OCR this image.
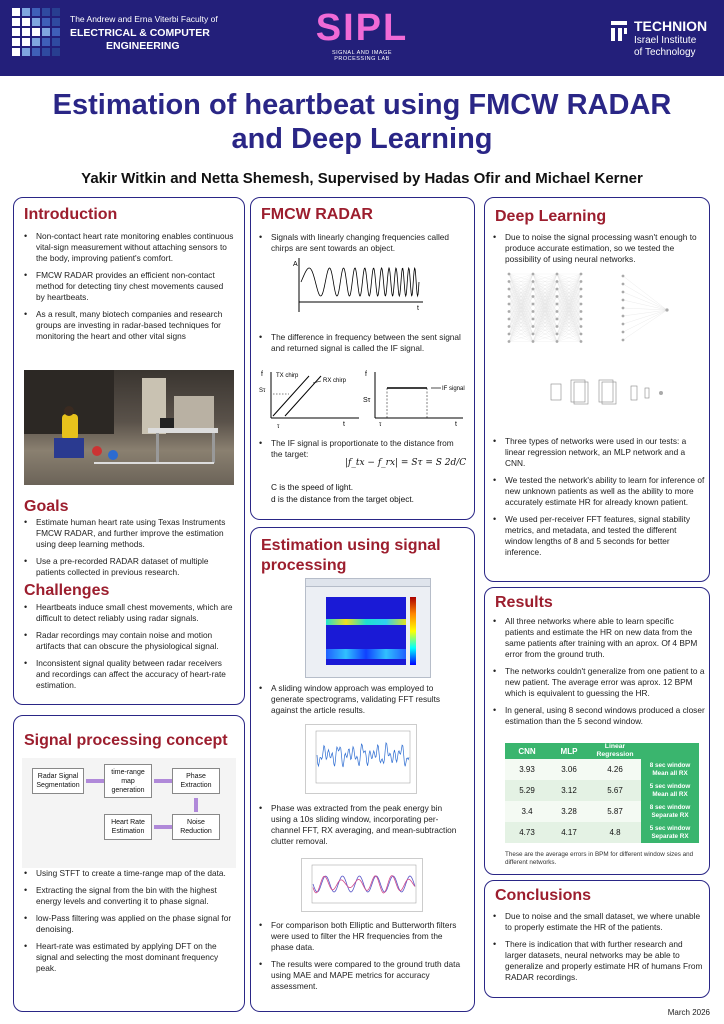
The Andrew and Erna Viterbi Faculty of
ELECTRICAL & COMPUTER
ENGINEERING	SIPL
SIGNAL AND IMAGE PROCESSING LAB
TECHNION
Israel Institute
of Technology
Estimation of heartbeat using FMCW RADAR
and Deep Learning
Yakir Witkin and Netta Shemesh, Supervised by Hadas Ofir and Michael Kerner
Introduction
• Non-contact heart rate monitoring enables continuous vital-sign measurement without attaching sensors to the body, improving patient's comfort.
• FMCW RADAR provides an efficient non-contact method for detecting tiny chest movements caused by heartbeats.
• As a result, many biotech companies and research groups are investing in radar-based techniques for monitoring the heart and other vital signs
Goals
• Estimate human heart rate using Texas Instruments FMCW RADAR, and further improve the estimation using deep learning methods.
• Use a pre-recorded RADAR dataset of multiple patients collected in previous research.
Challenges
• Heartbeats induce small chest movements, which are difficult to detect reliably using radar signals.
• Radar recordings may contain noise and motion artifacts that can obscure the physiological signal.
• Inconsistent signal quality between radar receivers and recordings can affect the accuracy of heart-rate estimation.
Signal processing concept
Radar Signal Segmentation
time-range map generation
Phase Extraction
Noise Reduction
Heart Rate Estimation
• Using STFT to create a time-range map of the data.
• Extracting the signal from the bin with the highest energy levels and converting it to phase signal.
• low-Pass filtering was applied on the phase signal for denoising.
• Heart-rate was estimated by applying DFT on the signal and selecting the most dominant frequency peak.
FMCW RADAR
• Signals with linearly changing frequencies called chirps are sent towards an object.
A
t
• The difference in frequency between the sent signal and returned signal is called the IF signal.
f
t
TX chirp
RX chirp
Sτ
τ
f
t
IF signal
Sτ
τ
• The IF signal is proportionate to the distance from the target:
|f_tx − f_rx| = Sτ = S 2d/C
C is the speed of light.
d is the distance from the target object.
Estimation using signal
processing
• A sliding window approach was employed to generate spectrograms, validating FFT results against the article results.
• Phase was extracted from the peak energy bin using a 10s sliding window, incorporating per-channel FFT, RX averaging, and mean-subtraction clutter removal.
• For comparison both Elliptic and Butterworth filters were used to filter the HR frequencies from the phase data.
• The results were compared to the ground truth data using MAE and MAPE metrics for accuracy assessment.
Deep Learning
• Due to noise the signal processing wasn't enough to produce accurate estimation, so we tested the possibility of using neural networks.
• Three types of networks were used in our tests: a linear regression network, an MLP network and a CNN.
• We tested the network's ability to learn for inference of new unknown patients as well as the ability to more accurately estimate HR for already known patient.
• We used per-receiver FFT features, signal stability metrics, and metadata, and tested the different window lengths of 8 and 5 seconds for better inference.
Results
• All three networks where able to learn specific patients and estimate the HR on new data from the same patients after training with an aprox. Of 4 BPM error from the ground truth.
• The networks couldn't generalize from one patient to a new patient. The average error was aprox. 12 BPM which is equivalent to guessing the HR.
• In general, using 8 second windows produced a closer estimation than the 5 second window.
CNN	MLP	Linear Regression	
3.93	3.06	4.26	8 sec window Mean all RX
5.29	3.12	5.67	5 sec window Mean all RX
3.4	3.28	5.87	8 sec window Separate RX
4.73	4.17	4.8	5 sec window Separate RX
These are the average errors in BPM for different window sizes and different networks.
Conclusions
• Due to noise and the small dataset, we where unable to properly estimate the HR of the patients.
• There is indication that with further research and larger datasets, neural networks may be able to generalize and properly estimate HR of humans From RADAR recordings.
March 2026
